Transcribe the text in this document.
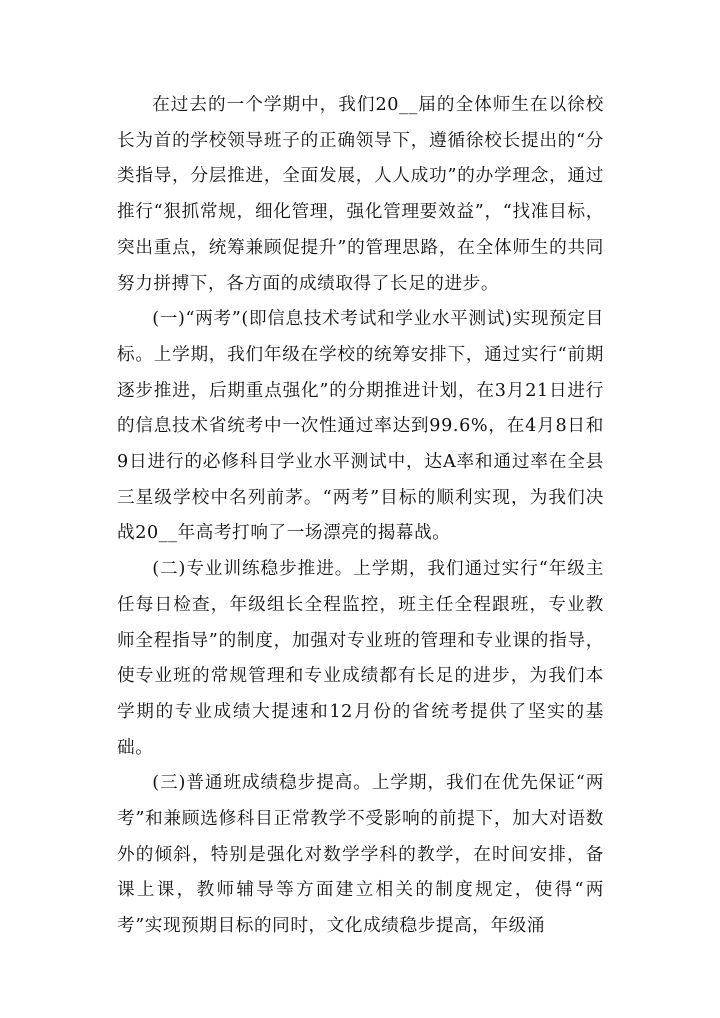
在过去的一个学期中，我们20__届的全体师生在以徐校长为首的学校领导班子的正确领导下，遵循徐校长提出的“分类指导，分层推进，全面发展，人人成功”的办学理念，通过推行“狠抓常规，细化管理，强化管理要效益”，“找准目标，突出重点，统筹兼顾促提升”的管理思路，在全体师生的共同努力拼搏下，各方面的成绩取得了长足的进步。

(一)“两考”(即信息技术考试和学业水平测试)实现预定目标。上学期，我们年级在学校的统筹安排下，通过实行“前期逐步推进，后期重点强化”的分期推进计划，在3月21日进行的信息技术省统考中一次性通过率达到99.6%，在4月8日和9日进行的必修科目学业水平测试中，达A率和通过率在全县三星级学校中名列前茅。“两考”目标的顺利实现，为我们决战20__年高考打响了一场漂亮的揭幕战。

(二)专业训练稳步推进。上学期，我们通过实行“年级主任每日检查，年级组长全程监控，班主任全程跟班，专业教师全程指导”的制度，加强对专业班的管理和专业课的指导，使专业班的常规管理和专业成绩都有长足的进步，为我们本学期的专业成绩大提速和12月份的省统考提供了坚实的基础。

(三)普通班成绩稳步提高。上学期，我们在优先保证“两考”和兼顾选修科目正常教学不受影响的前提下，加大对语数外的倾斜，特别是强化对数学学科的教学，在时间安排，备课上课，教师辅导等方面建立相关的制度规定，使得“两考”实现预期目标的同时，文化成绩稳步提高，年级涌
